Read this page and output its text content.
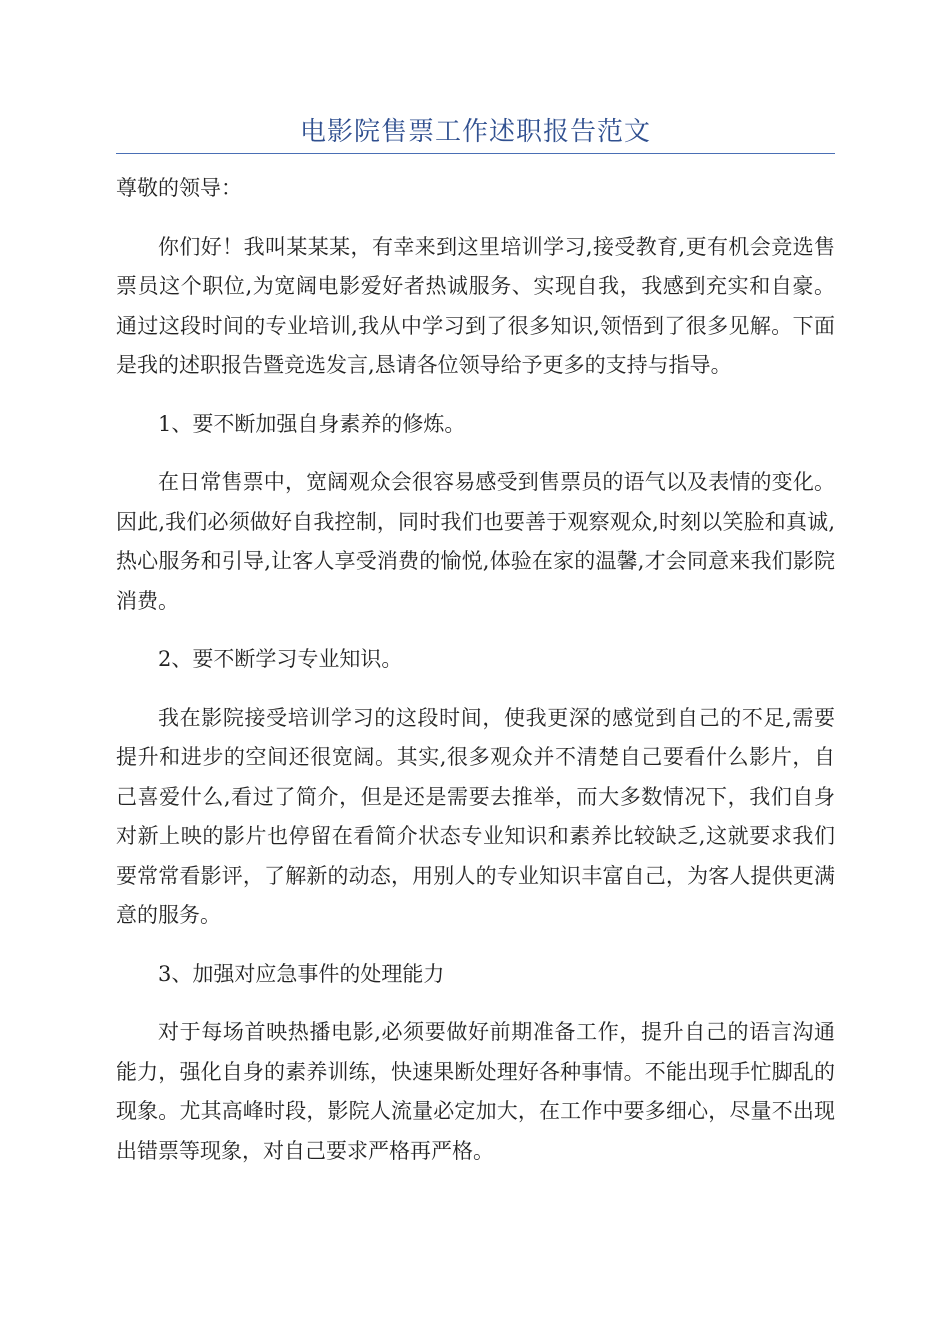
电影院售票工作述职报告范文

尊敬的领导：

你们好！我叫某某某，有幸来到这里培训学习,接受教育,更有机会竞选售票员这个职位,为宽阔电影爱好者热诚服务、实现自我，我感到充实和自豪。通过这段时间的专业培训,我从中学习到了很多知识,领悟到了很多见解。下面是我的述职报告暨竞选发言,恳请各位领导给予更多的支持与指导。

1、要不断加强自身素养的修炼。

在日常售票中，宽阔观众会很容易感受到售票员的语气以及表情的变化。因此,我们必须做好自我控制，同时我们也要善于观察观众,时刻以笑脸和真诚,热心服务和引导,让客人享受消费的愉悦,体验在家的温馨,才会同意来我们影院消费。

2、要不断学习专业知识。

我在影院接受培训学习的这段时间，使我更深的感觉到自己的不足,需要提升和进步的空间还很宽阔。其实,很多观众并不清楚自己要看什么影片，自己喜爱什么,看过了简介，但是还是需要去推举，而大多数情况下，我们自身对新上映的影片也停留在看简介状态专业知识和素养比较缺乏,这就要求我们要常常看影评，了解新的动态，用别人的专业知识丰富自己，为客人提供更满意的服务。

3、加强对应急事件的处理能力

对于每场首映热播电影,必须要做好前期准备工作，提升自己的语言沟通能力，强化自身的素养训练，快速果断处理好各种事情。不能出现手忙脚乱的现象。尤其高峰时段，影院人流量必定加大，在工作中要多细心，尽量不出现出错票等现象，对自己要求严格再严格。
